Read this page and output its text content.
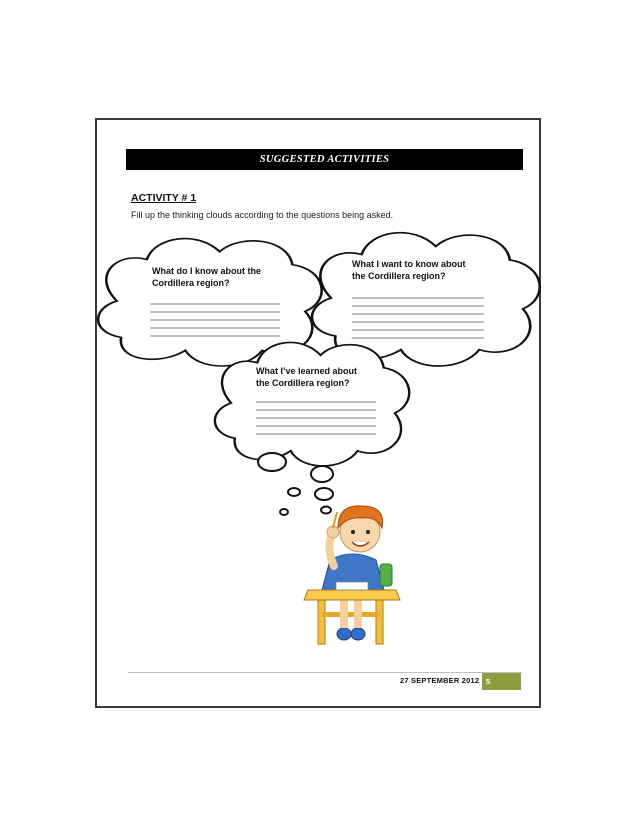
SUGGESTED ACTIVITIES
ACTIVITY # 1
Fill up the thinking clouds according to the questions being asked.

What do I know about the
Cordillera region?

What I want to know about
the Cordillera region?

What I’ve learned about
the Cordillera region?

27 SEPTEMBER 2012 5
